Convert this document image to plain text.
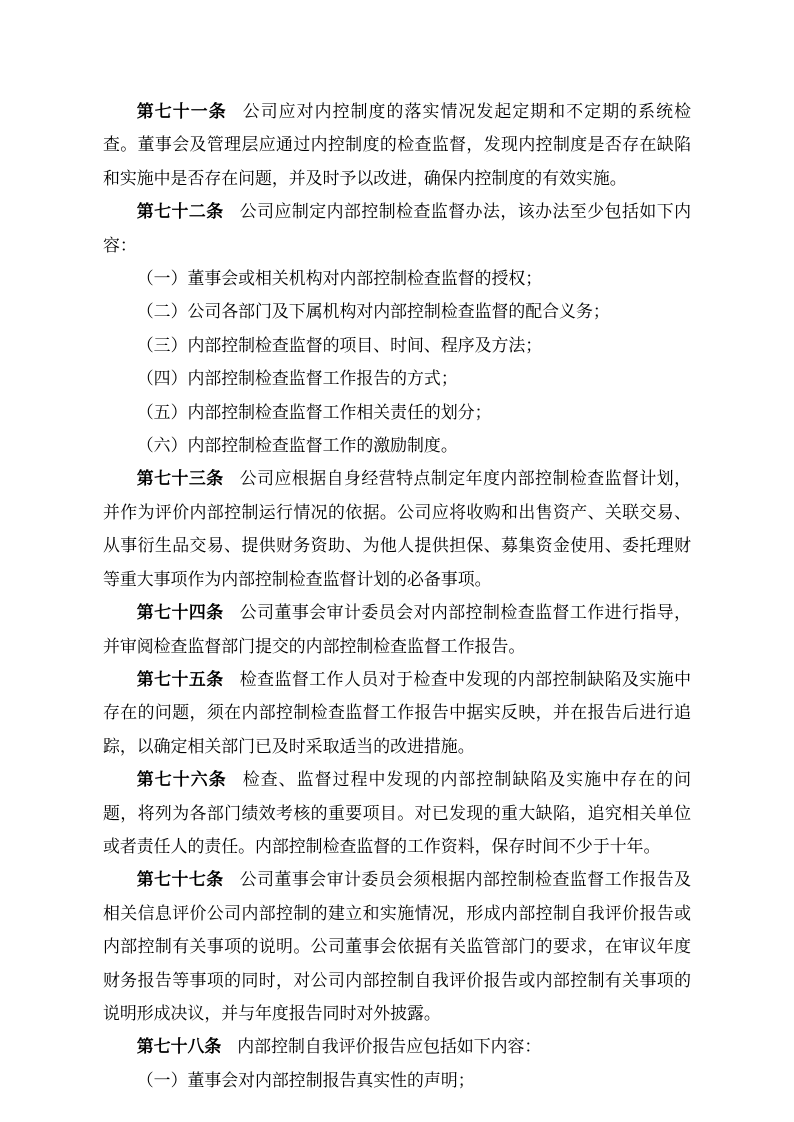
第七十一条 公司应对内控制度的落实情况发起定期和不定期的系统检查。董事会及管理层应通过内控制度的检查监督，发现内控制度是否存在缺陷和实施中是否存在问题，并及时予以改进，确保内控制度的有效实施。

第七十二条 公司应制定内部控制检查监督办法，该办法至少包括如下内容：

（一）董事会或相关机构对内部控制检查监督的授权；

（二）公司各部门及下属机构对内部控制检查监督的配合义务；

（三）内部控制检查监督的项目、时间、程序及方法；

（四）内部控制检查监督工作报告的方式；

（五）内部控制检查监督工作相关责任的划分；

（六）内部控制检查监督工作的激励制度。

第七十三条 公司应根据自身经营特点制定年度内部控制检查监督计划，并作为评价内部控制运行情况的依据。公司应将收购和出售资产、关联交易、从事衍生品交易、提供财务资助、为他人提供担保、募集资金使用、委托理财等重大事项作为内部控制检查监督计划的必备事项。

第七十四条 公司董事会审计委员会对内部控制检查监督工作进行指导，并审阅检查监督部门提交的内部控制检查监督工作报告。

第七十五条 检查监督工作人员对于检查中发现的内部控制缺陷及实施中存在的问题，须在内部控制检查监督工作报告中据实反映，并在报告后进行追踪，以确定相关部门已及时采取适当的改进措施。

第七十六条 检查、监督过程中发现的内部控制缺陷及实施中存在的问题，将列为各部门绩效考核的重要项目。对已发现的重大缺陷，追究相关单位或者责任人的责任。内部控制检查监督的工作资料，保存时间不少于十年。

第七十七条 公司董事会审计委员会须根据内部控制检查监督工作报告及相关信息评价公司内部控制的建立和实施情况，形成内部控制自我评价报告或内部控制有关事项的说明。公司董事会依据有关监管部门的要求，在审议年度财务报告等事项的同时，对公司内部控制自我评价报告或内部控制有关事项的说明形成决议，并与年度报告同时对外披露。

第七十八条 内部控制自我评价报告应包括如下内容：

（一）董事会对内部控制报告真实性的声明；
